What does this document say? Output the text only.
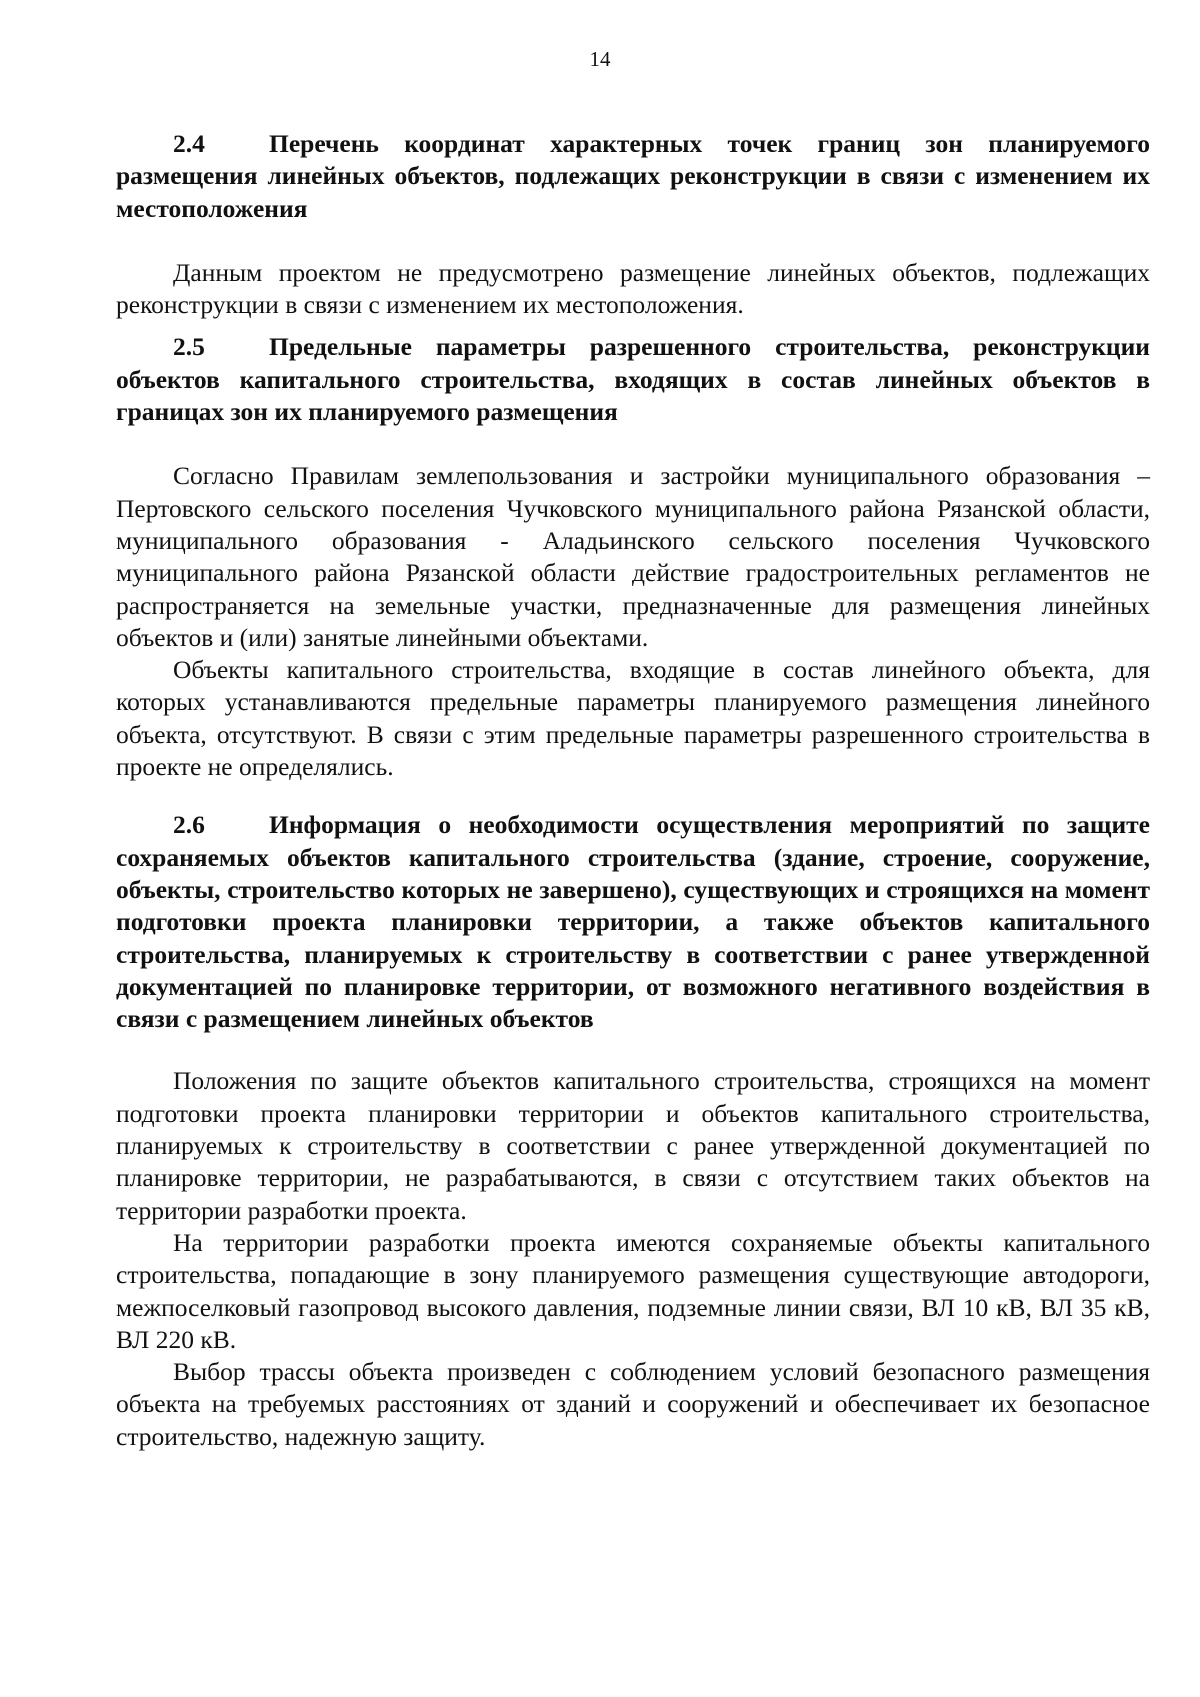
14

2.4	Перечень координат характерных точек границ зон планируемого размещения линейных объектов, подлежащих реконструкции в связи с изменением их местоположения

Данным проектом не предусмотрено размещение линейных объектов, подлежащих реконструкции в связи с изменением их местоположения.

2.5	Предельные параметры разрешенного строительства, реконструкции объектов капитального строительства, входящих в состав линейных объектов в границах зон их планируемого размещения

Согласно Правилам землепользования и застройки муниципального образования – Пертовского сельского поселения Чучковского муниципального района Рязанской области, муниципального образования - Аладьинского сельского поселения Чучковского муниципального района Рязанской области действие градостроительных регламентов не распространяется на земельные участки, предназначенные для размещения линейных объектов и (или) занятые линейными объектами.

Объекты капитального строительства, входящие в состав линейного объекта, для которых устанавливаются предельные параметры планируемого размещения линейного объекта, отсутствуют. В связи с этим предельные параметры разрешенного строительства в проекте не определялись.

2.6	Информация о необходимости осуществления мероприятий по защите сохраняемых объектов капитального строительства (здание, строение, сооружение, объекты, строительство которых не завершено), существующих и строящихся на момент подготовки проекта планировки территории, а также объектов капитального строительства, планируемых к строительству в соответствии с ранее утвержденной документацией по планировке территории, от возможного негативного воздействия в связи с размещением линейных объектов

Положения по защите объектов капитального строительства, строящихся на момент подготовки проекта планировки территории и объектов капитального строительства, планируемых к строительству в соответствии с ранее утвержденной документацией по планировке территории, не разрабатываются, в связи с отсутствием таких объектов на территории разработки проекта.

На территории разработки проекта имеются сохраняемые объекты капитального строительства, попадающие в зону планируемого размещения существующие автодороги, межпоселковый газопровод высокого давления, подземные линии связи, ВЛ 10 кВ, ВЛ 35 кВ, ВЛ 220 кВ.

Выбор трассы объекта произведен с соблюдением условий безопасного размещения объекта на требуемых расстояниях от зданий и сооружений и обеспечивает их безопасное строительство, надежную защиту.
